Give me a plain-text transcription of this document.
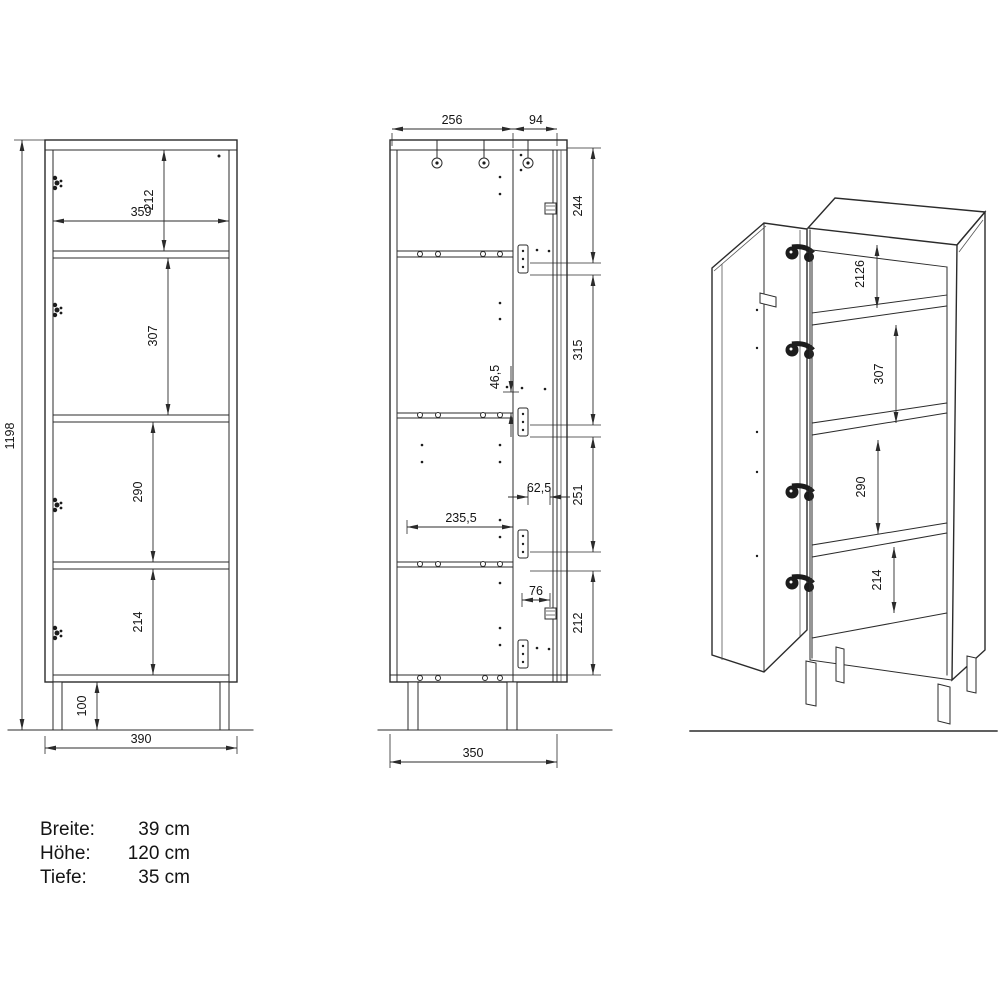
1198
212
359
307
290
214
100
390
256	94
244
315
251
212
46,5
62,5
235,5
76
350
2126
307
290
214
Breite:	39 cm
Höhe:	120 cm
Tiefe:	35 cm
